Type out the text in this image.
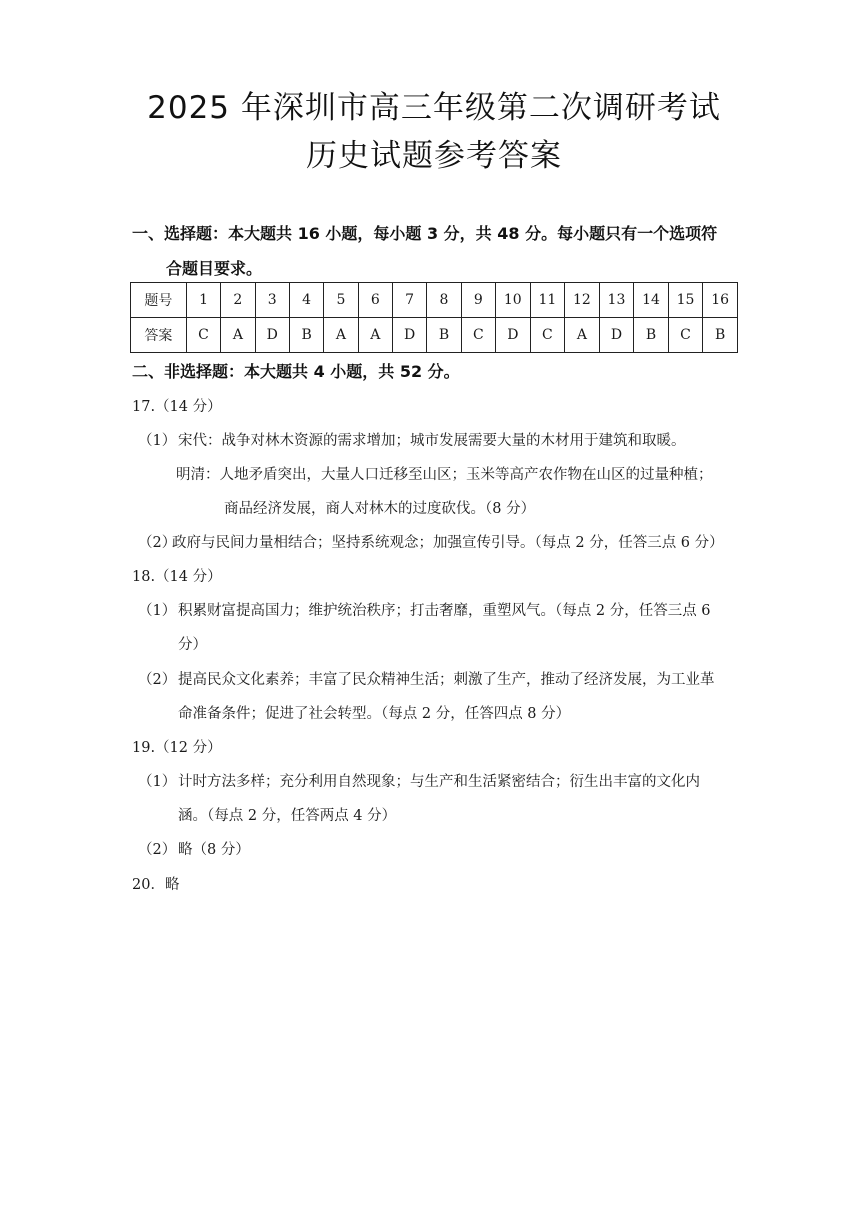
2025 年深圳市高三年级第二次调研考试
历史试题参考答案
一、选择题：本大题共 16 小题，每小题 3 分，共 48 分。每小题只有一个选项符
合题目要求。
题号	1	2	3	4	5	6	7	8	9	10	11	12	13	14	15	16
答案	C	A	D	B	A	A	D	B	C	D	C	A	D	B	C	B
二、非选择题：本大题共 4 小题，共 52 分。
17.（14 分）
（1） 宋代：战争对林木资源的需求增加；城市发展需要大量的木材用于建筑和取暖。
明清：人地矛盾突出，大量人口迁移至山区；玉米等高产农作物在山区的过量种植；
商品经济发展，商人对林木的过度砍伐。（8 分）
（2）
政府与民间力量相结合；坚持系统观念；加强宣传引导。（每点 2 分，任答三点 6 分）
18.（14 分）
（1） 积累财富提高国力；维护统治秩序；打击奢靡，重塑风气。（每点 2 分，任答三点 6
分）
（2） 提高民众文化素养；丰富了民众精神生活；刺激了生产，推动了经济发展，为工业革
命准备条件；促进了社会转型。（每点 2 分，任答四点 8 分）
19.（12 分）
（1） 计时方法多样；充分利用自然现象；与生产和生活紧密结合；衍生出丰富的文化内
涵。（每点 2 分，任答两点 4 分）
（2） 略（8 分）
20．略
